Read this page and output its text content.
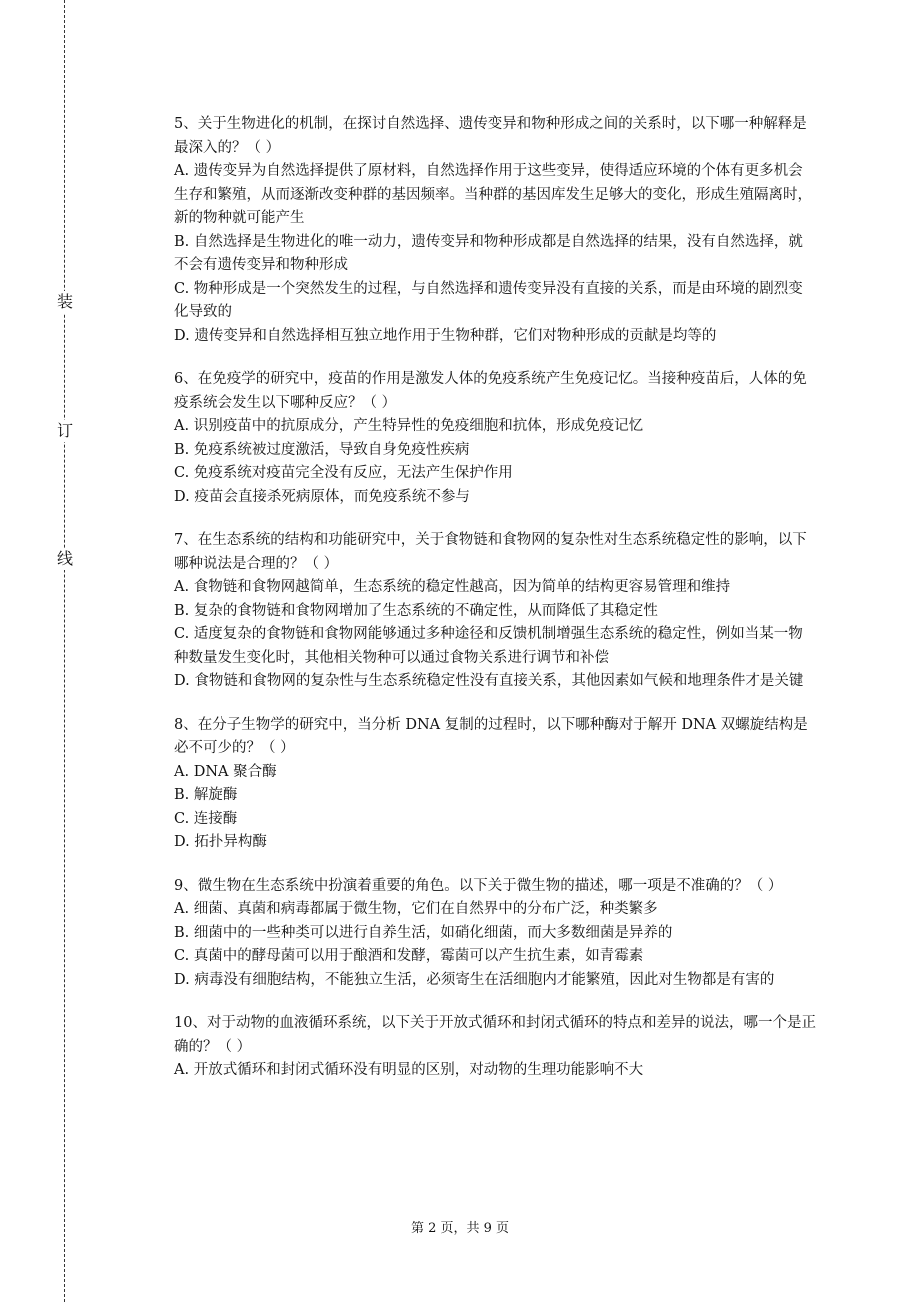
装
订
线

5、关于生物进化的机制，在探讨自然选择、遗传变异和物种形成之间的关系时，以下哪一种解释是最深入的？（ ）

A. 遗传变异为自然选择提供了原材料，自然选择作用于这些变异，使得适应环境的个体有更多机会生存和繁殖，从而逐渐改变种群的基因频率。当种群的基因库发生足够大的变化，形成生殖隔离时，新的物种就可能产生

B. 自然选择是生物进化的唯一动力，遗传变异和物种形成都是自然选择的结果，没有自然选择，就不会有遗传变异和物种形成

C. 物种形成是一个突然发生的过程，与自然选择和遗传变异没有直接的关系，而是由环境的剧烈变化导致的

D. 遗传变异和自然选择相互独立地作用于生物种群，它们对物种形成的贡献是均等的

6、在免疫学的研究中，疫苗的作用是激发人体的免疫系统产生免疫记忆。当接种疫苗后，人体的免疫系统会发生以下哪种反应？（ ）

A. 识别疫苗中的抗原成分，产生特异性的免疫细胞和抗体，形成免疫记忆

B. 免疫系统被过度激活，导致自身免疫性疾病

C. 免疫系统对疫苗完全没有反应，无法产生保护作用

D. 疫苗会直接杀死病原体，而免疫系统不参与

7、在生态系统的结构和功能研究中，关于食物链和食物网的复杂性对生态系统稳定性的影响，以下哪种说法是合理的？（ ）

A. 食物链和食物网越简单，生态系统的稳定性越高，因为简单的结构更容易管理和维持

B. 复杂的食物链和食物网增加了生态系统的不确定性，从而降低了其稳定性

C. 适度复杂的食物链和食物网能够通过多种途径和反馈机制增强生态系统的稳定性，例如当某一物种数量发生变化时，其他相关物种可以通过食物关系进行调节和补偿

D. 食物链和食物网的复杂性与生态系统稳定性没有直接关系，其他因素如气候和地理条件才是关键

8、在分子生物学的研究中，当分析 DNA 复制的过程时，以下哪种酶对于解开 DNA 双螺旋结构是必不可少的？（ ）

A. DNA 聚合酶

B. 解旋酶

C. 连接酶

D. 拓扑异构酶

9、微生物在生态系统中扮演着重要的角色。以下关于微生物的描述，哪一项是不准确的？（ ）

A. 细菌、真菌和病毒都属于微生物，它们在自然界中的分布广泛，种类繁多

B. 细菌中的一些种类可以进行自养生活，如硝化细菌，而大多数细菌是异养的

C. 真菌中的酵母菌可以用于酿酒和发酵，霉菌可以产生抗生素，如青霉素

D. 病毒没有细胞结构，不能独立生活，必须寄生在活细胞内才能繁殖，因此对生物都是有害的

10、对于动物的血液循环系统，以下关于开放式循环和封闭式循环的特点和差异的说法，哪一个是正确的？（ ）

A. 开放式循环和封闭式循环没有明显的区别，对动物的生理功能影响不大

第 2 页，共 9 页
